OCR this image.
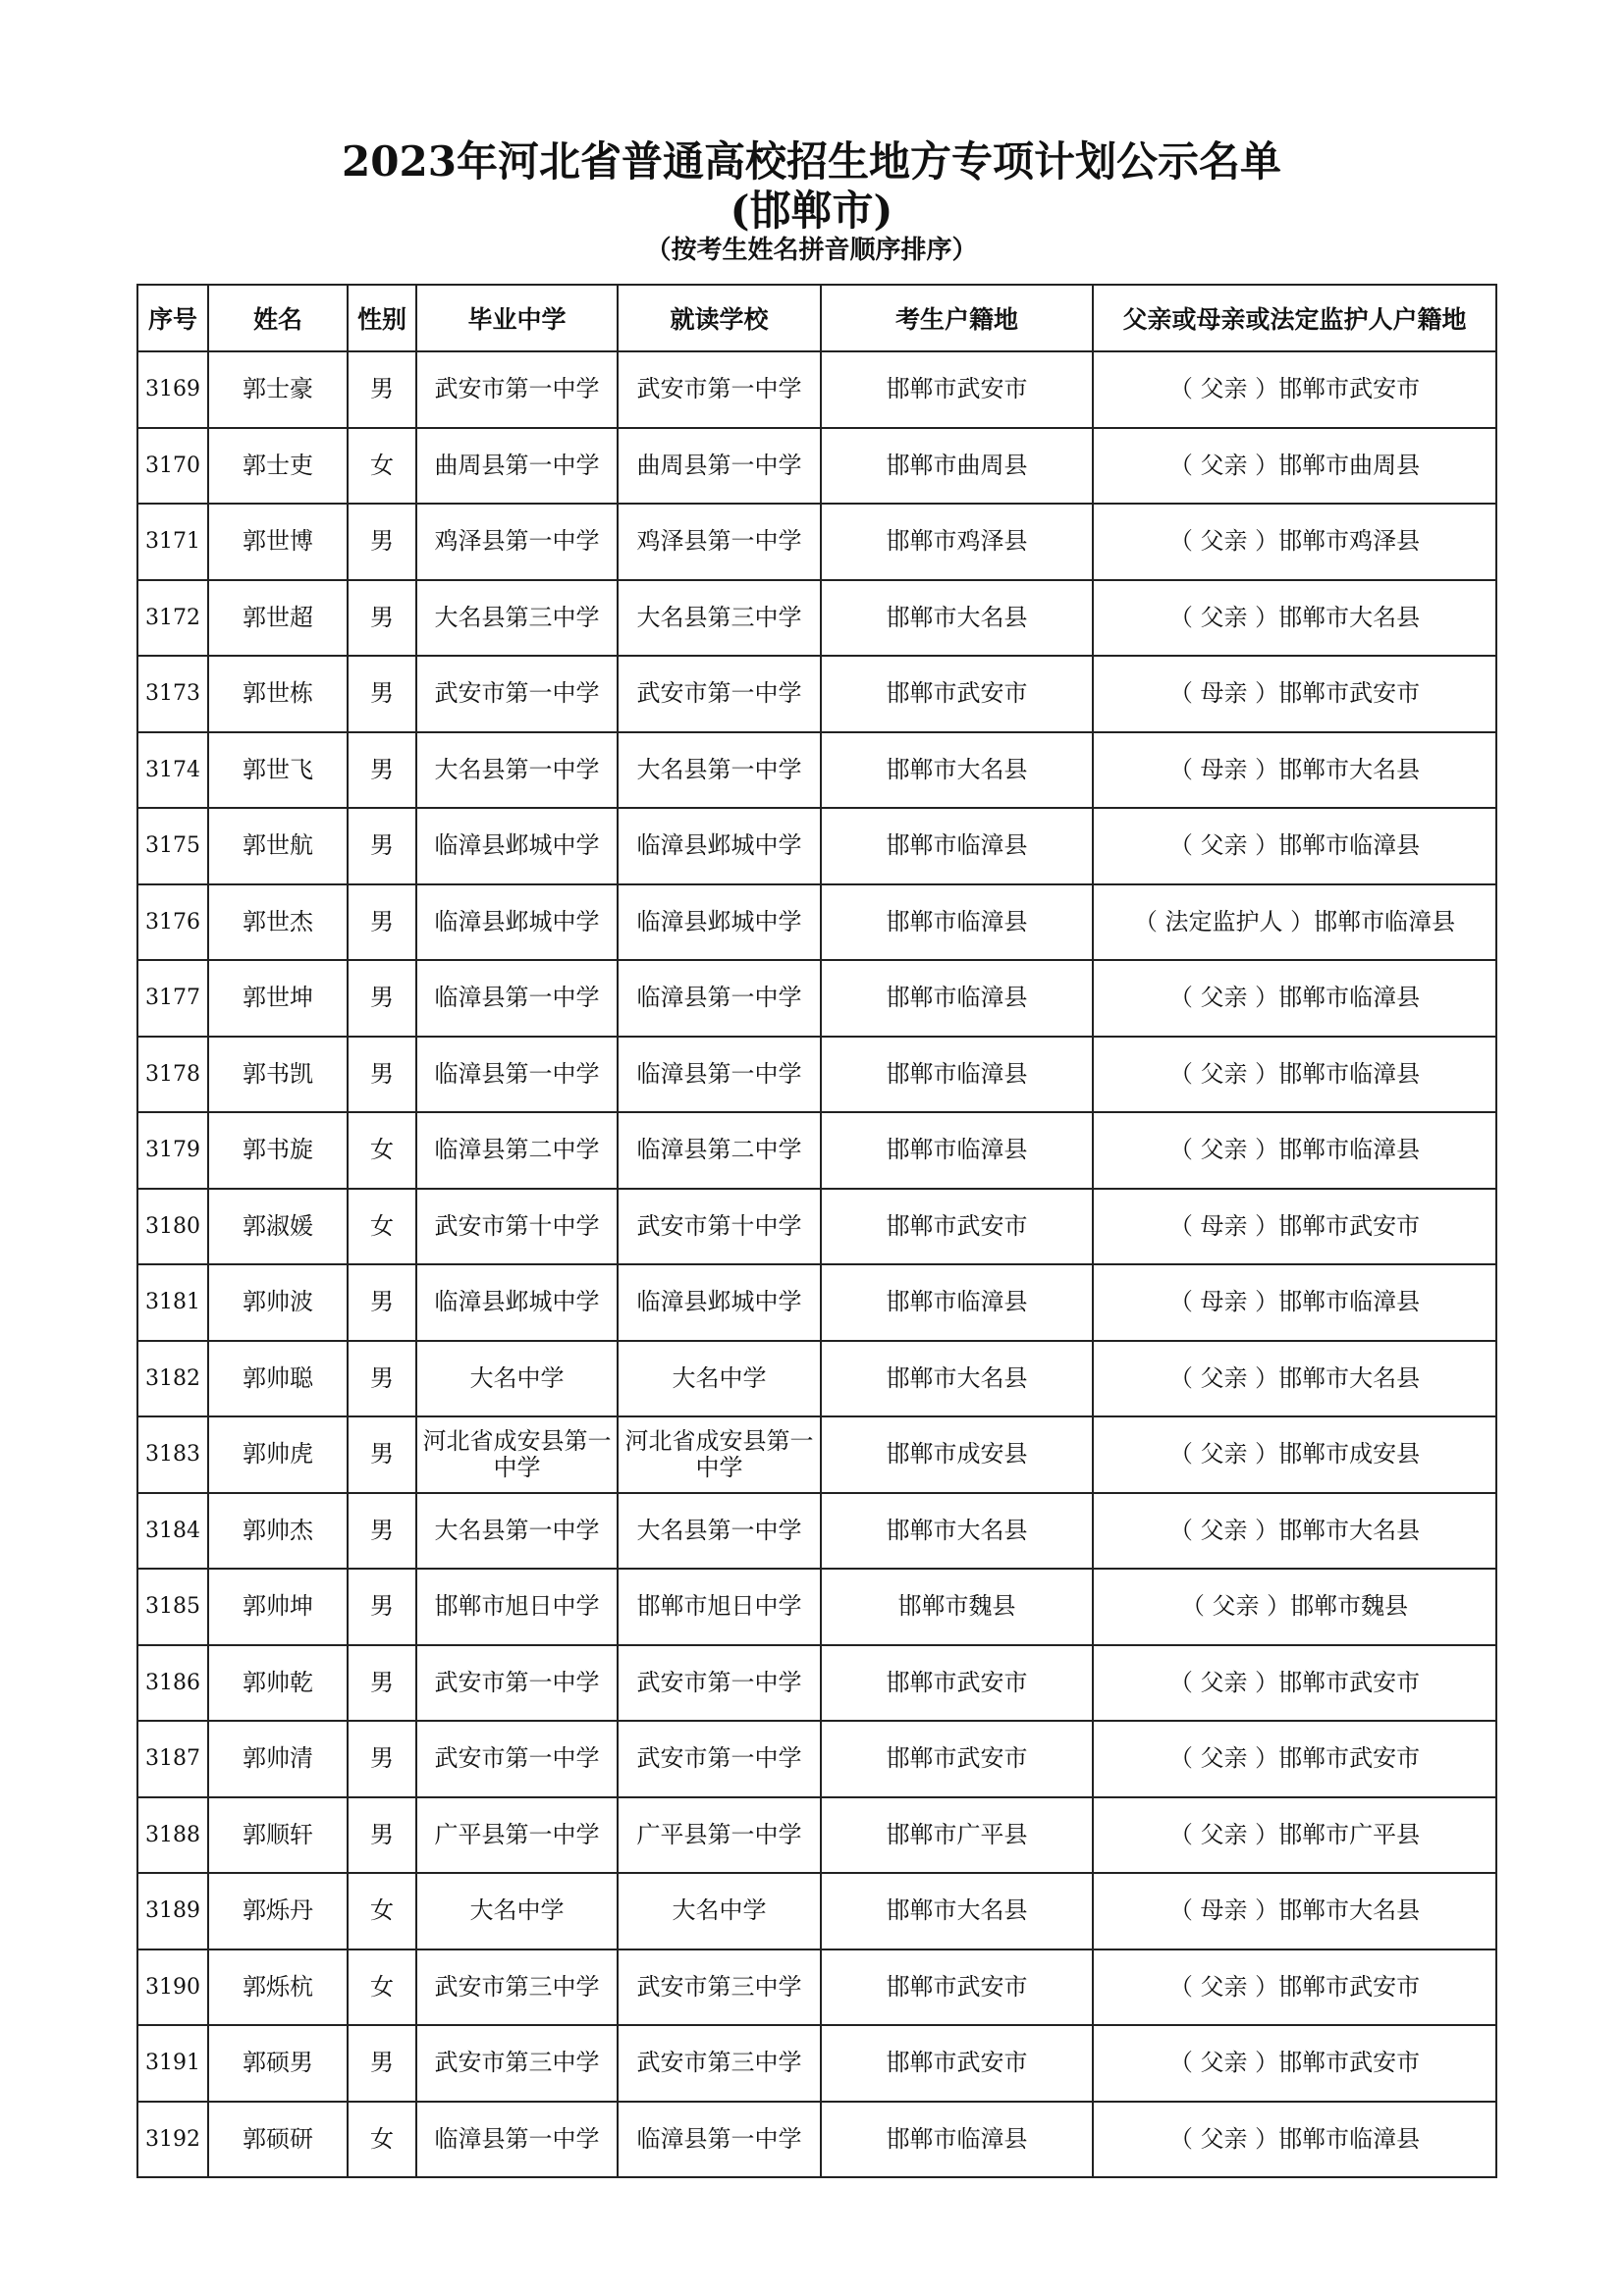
2023年河北省普通高校招生地方专项计划公示名单
(邯郸市)
（按考生姓名拼音顺序排序）
序号	姓名	性别	毕业中学	就读学校	考生户籍地	父亲或母亲或法定监护人户籍地
3169	郭士豪	男	武安市第一中学	武安市第一中学	邯郸市武安市	（ 父亲 ）邯郸市武安市
3170	郭士吏	女	曲周县第一中学	曲周县第一中学	邯郸市曲周县	（ 父亲 ）邯郸市曲周县
3171	郭世博	男	鸡泽县第一中学	鸡泽县第一中学	邯郸市鸡泽县	（ 父亲 ）邯郸市鸡泽县
3172	郭世超	男	大名县第三中学	大名县第三中学	邯郸市大名县	（ 父亲 ）邯郸市大名县
3173	郭世栋	男	武安市第一中学	武安市第一中学	邯郸市武安市	（ 母亲 ）邯郸市武安市
3174	郭世飞	男	大名县第一中学	大名县第一中学	邯郸市大名县	（ 母亲 ）邯郸市大名县
3175	郭世航	男	临漳县邺城中学	临漳县邺城中学	邯郸市临漳县	（ 父亲 ）邯郸市临漳县
3176	郭世杰	男	临漳县邺城中学	临漳县邺城中学	邯郸市临漳县	（ 法定监护人 ）邯郸市临漳县
3177	郭世坤	男	临漳县第一中学	临漳县第一中学	邯郸市临漳县	（ 父亲 ）邯郸市临漳县
3178	郭书凯	男	临漳县第一中学	临漳县第一中学	邯郸市临漳县	（ 父亲 ）邯郸市临漳县
3179	郭书旋	女	临漳县第二中学	临漳县第二中学	邯郸市临漳县	（ 父亲 ）邯郸市临漳县
3180	郭淑媛	女	武安市第十中学	武安市第十中学	邯郸市武安市	（ 母亲 ）邯郸市武安市
3181	郭帅波	男	临漳县邺城中学	临漳县邺城中学	邯郸市临漳县	（ 母亲 ）邯郸市临漳县
3182	郭帅聪	男	大名中学	大名中学	邯郸市大名县	（ 父亲 ）邯郸市大名县
3183	郭帅虎	男	河北省成安县第一中学	河北省成安县第一中学	邯郸市成安县	（ 父亲 ）邯郸市成安县
3184	郭帅杰	男	大名县第一中学	大名县第一中学	邯郸市大名县	（ 父亲 ）邯郸市大名县
3185	郭帅坤	男	邯郸市旭日中学	邯郸市旭日中学	邯郸市魏县	（ 父亲 ）邯郸市魏县
3186	郭帅乾	男	武安市第一中学	武安市第一中学	邯郸市武安市	（ 父亲 ）邯郸市武安市
3187	郭帅清	男	武安市第一中学	武安市第一中学	邯郸市武安市	（ 父亲 ）邯郸市武安市
3188	郭顺轩	男	广平县第一中学	广平县第一中学	邯郸市广平县	（ 父亲 ）邯郸市广平县
3189	郭烁丹	女	大名中学	大名中学	邯郸市大名县	（ 母亲 ）邯郸市大名县
3190	郭烁杭	女	武安市第三中学	武安市第三中学	邯郸市武安市	（ 父亲 ）邯郸市武安市
3191	郭硕男	男	武安市第三中学	武安市第三中学	邯郸市武安市	（ 父亲 ）邯郸市武安市
3192	郭硕研	女	临漳县第一中学	临漳县第一中学	邯郸市临漳县	（ 父亲 ）邯郸市临漳县
